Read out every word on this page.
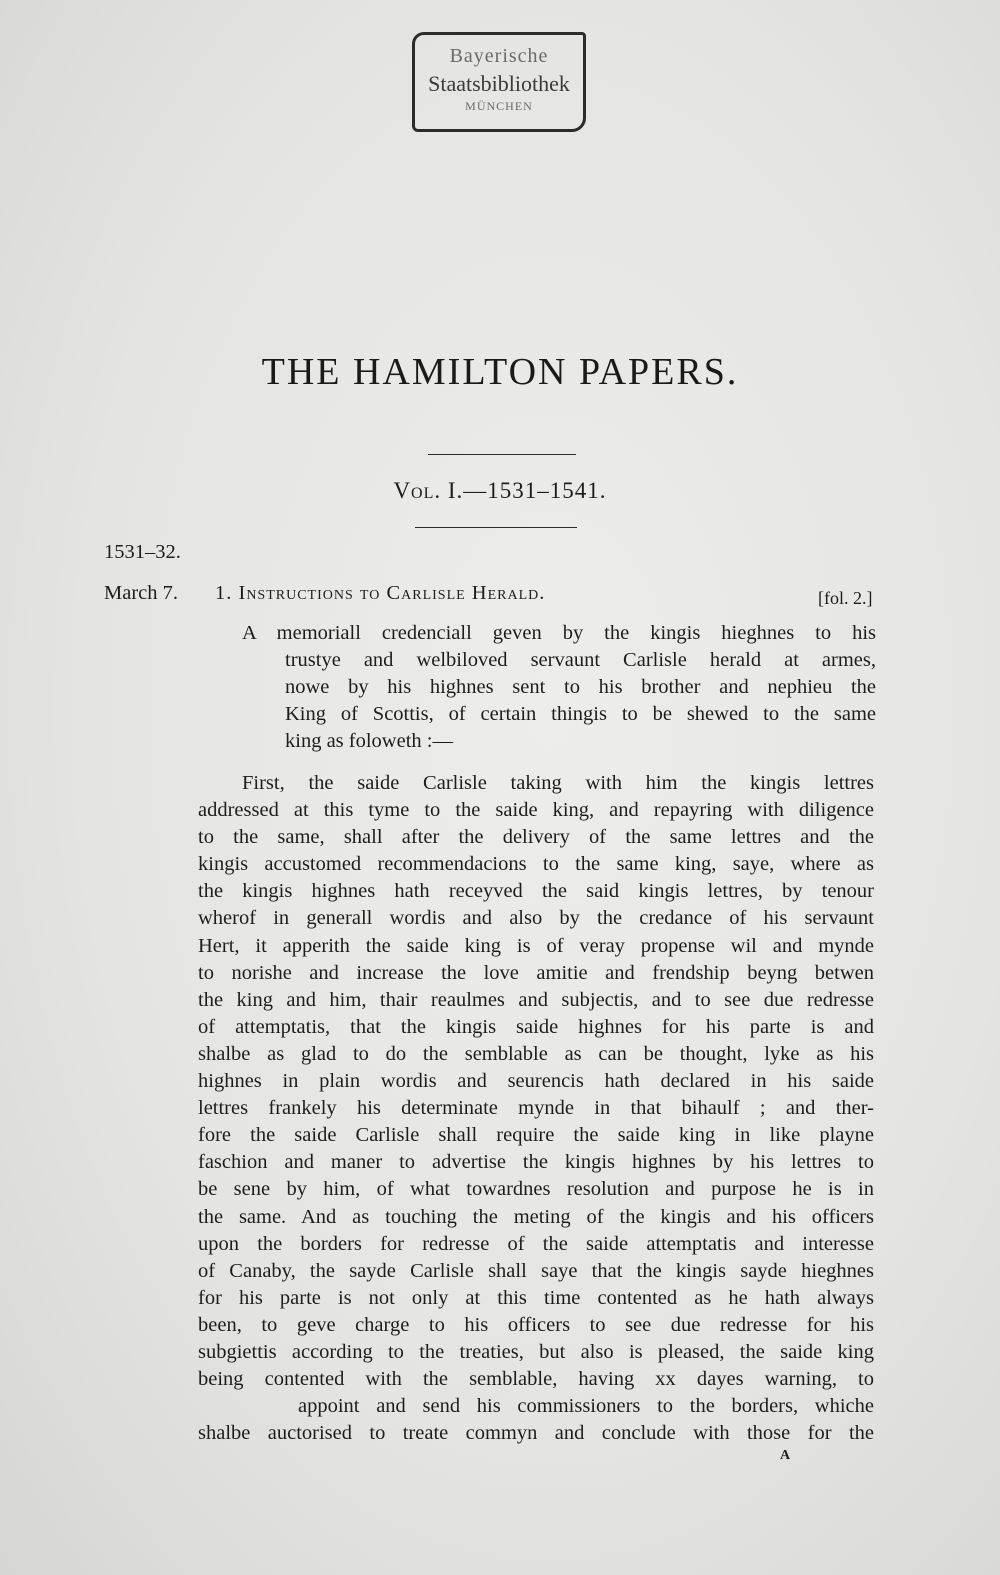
Bayerische
Staatsbibliothek
MÜNCHEN
THE HAMILTON PAPERS.
Vol. I.—1531–1541.
1531–32.
March 7. 1. Instructions to Carlisle Herald.	[fol. 2.]
A memoriall credenciall geven by the kingis hieghnes to his
trustye and welbiloved servaunt Carlisle herald at armes,
nowe by his highnes sent to his brother and nephieu the
King of Scottis, of certain thingis to be shewed to the same
king as foloweth :—
First, the saide Carlisle taking with him the kingis lettres
addressed at this tyme to the saide king, and repayring with diligence
to the same, shall after the delivery of the same lettres and the
kingis accustomed recommendacions to the same king, saye, where as
the kingis highnes hath receyved the said kingis lettres, by tenour
wherof in generall wordis and also by the credance of his servaunt
Hert, it apperith the saide king is of veray propense wil and mynde
to norishe and increase the love amitie and frendship beyng betwen
the king and him, thair reaulmes and subjectis, and to see due redresse
of attemptatis, that the kingis saide highnes for his parte is and
shalbe as glad to do the semblable as can be thought, lyke as his
highnes in plain wordis and seurencis hath declared in his saide
lettres frankely his determinate mynde in that bihaulf ; and ther-
fore the saide Carlisle shall require the saide king in like playne
faschion and maner to advertise the kingis highnes by his lettres to
be sene by him, of what towardnes resolution and purpose he is in
the same. And as touching the meting of the kingis and his officers
upon the borders for redresse of the saide attemptatis and interesse
of Canaby, the sayde Carlisle shall saye that the kingis sayde hieghnes
for his parte is not only at this time contented as he hath always
been, to geve charge to his officers to see due redresse for his
subgiettis according to the treaties, but also is pleased, the saide king
being contented with the semblable, having xx dayes warning, to
appoint and send his commissioners to the borders, whiche
shalbe auctorised to treate commyn and conclude with those for the
A
